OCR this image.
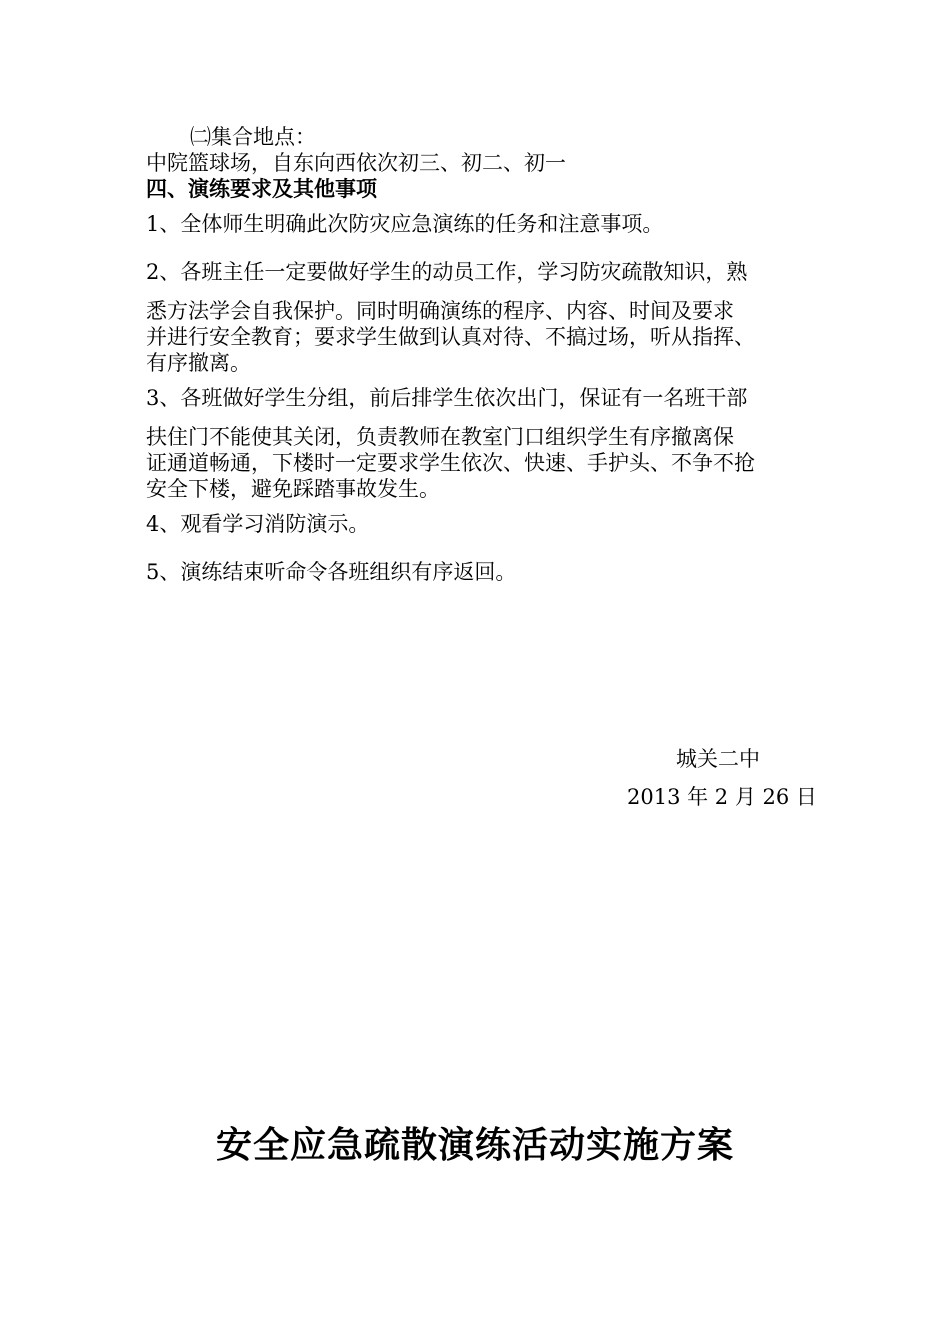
㈡集合地点：
中院篮球场，自东向西依次初三、初二、初一
四、演练要求及其他事项
1、全体师生明确此次防灾应急演练的任务和注意事项。
2、各班主任一定要做好学生的动员工作，学习防灾疏散知识，熟
悉方法学会自我保护。同时明确演练的程序、内容、时间及要求
并进行安全教育；要求学生做到认真对待、不搞过场，听从指挥、
有序撤离。
3、各班做好学生分组，前后排学生依次出门，保证有一名班干部
扶住门不能使其关闭，负责教师在教室门口组织学生有序撤离保
证通道畅通，下楼时一定要求学生依次、快速、手护头、不争不抢
安全下楼，避免踩踏事故发生。
4、观看学习消防演示。
5、演练结束听命令各班组织有序返回。
城关二中
2013 年 2 月 26 日
安全应急疏散演练活动实施方案
